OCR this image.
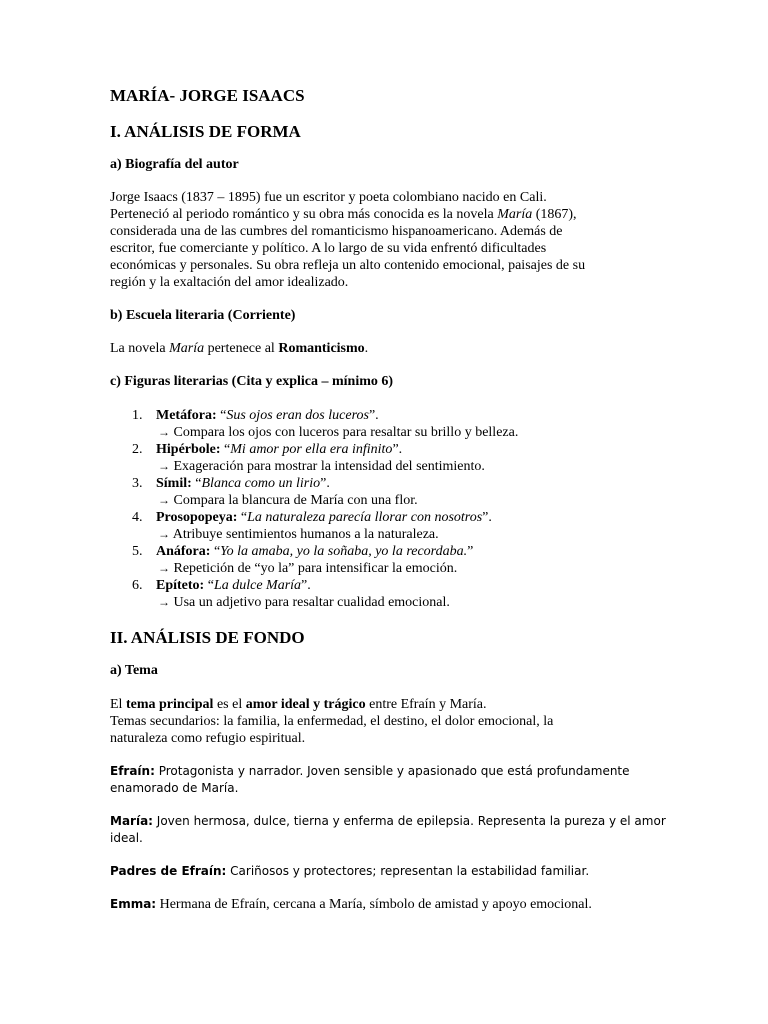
MARÍA- JORGE ISAACS

I. ANÁLISIS DE FORMA

a) Biografía del autor

Jorge Isaacs (1837 – 1895) fue un escritor y poeta colombiano nacido en Cali.
Perteneció al periodo romántico y su obra más conocida es la novela María (1867),
considerada una de las cumbres del romanticismo hispanoamericano. Además de
escritor, fue comerciante y político. A lo largo de su vida enfrentó dificultades
económicas y personales. Su obra refleja un alto contenido emocional, paisajes de su
región y la exaltación del amor idealizado.

b) Escuela literaria (Corriente)

La novela María pertenece al Romanticismo.

c) Figuras literarias (Cita y explica – mínimo 6)

1. Metáfora: “Sus ojos eran dos luceros”.
→ Compara los ojos con luceros para resaltar su brillo y belleza.
2. Hipérbole: “Mi amor por ella era infinito”.
→ Exageración para mostrar la intensidad del sentimiento.
3. Símil: “Blanca como un lirio”.
→ Compara la blancura de María con una flor.
4. Prosopopeya: “La naturaleza parecía llorar con nosotros”.
→ Atribuye sentimientos humanos a la naturaleza.
5. Anáfora: “Yo la amaba, yo la soñaba, yo la recordaba.”
→ Repetición de “yo la” para intensificar la emoción.
6. Epíteto: “La dulce María”.
→ Usa un adjetivo para resaltar cualidad emocional.

II. ANÁLISIS DE FONDO

a) Tema

El tema principal es el amor ideal y trágico entre Efraín y María.
Temas secundarios: la familia, la enfermedad, el destino, el dolor emocional, la
naturaleza como refugio espiritual.

Efraín: Protagonista y narrador. Joven sensible y apasionado que está profundamente
enamorado de María.

María: Joven hermosa, dulce, tierna y enferma de epilepsia. Representa la pureza y el amor
ideal.

Padres de Efraín: Cariñosos y protectores; representan la estabilidad familiar.

Emma: Hermana de Efraín, cercana a María, símbolo de amistad y apoyo emocional.
